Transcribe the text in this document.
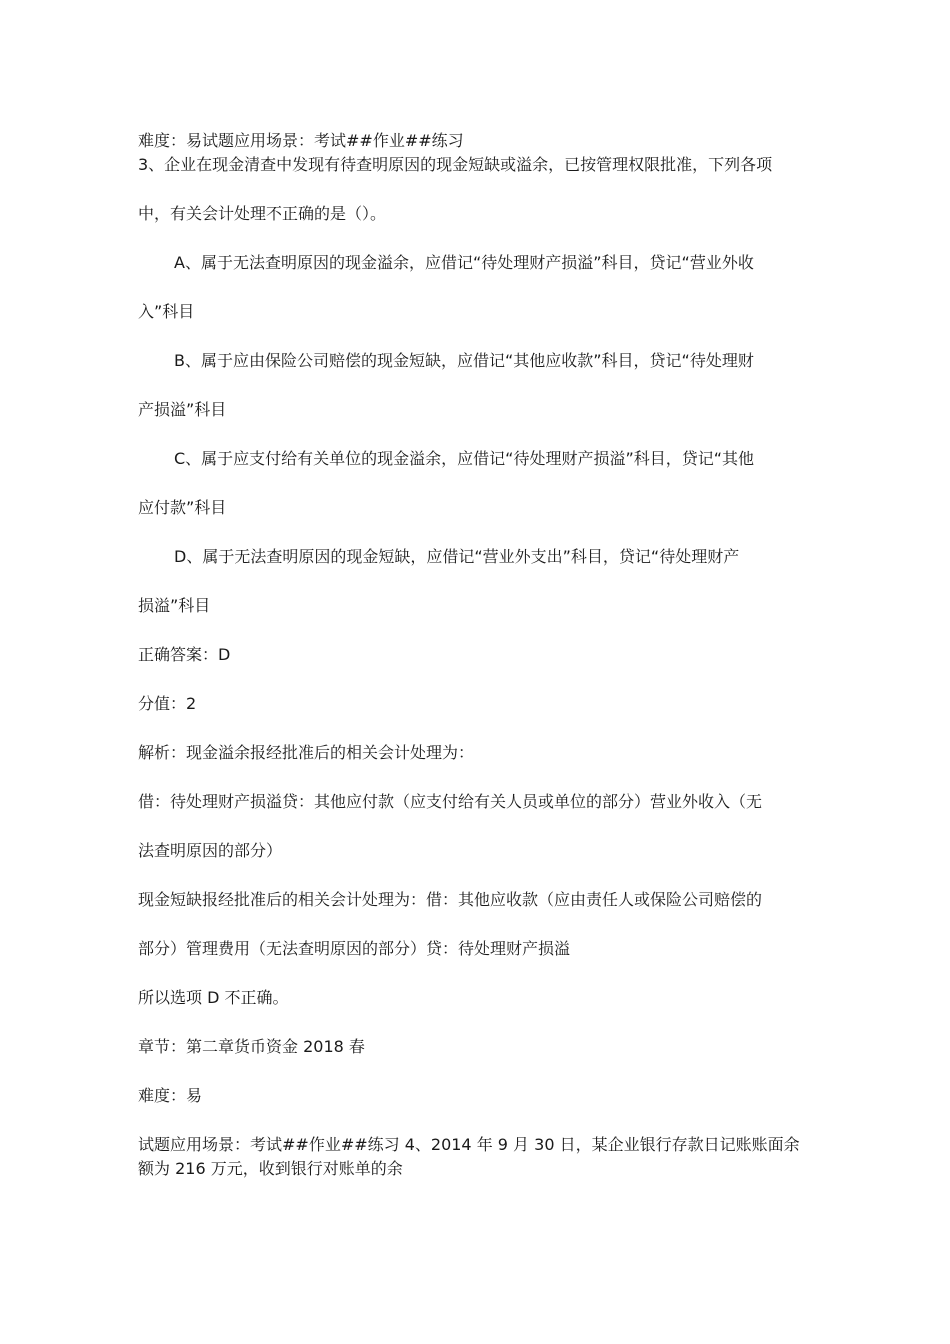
难度：易试题应用场景：考试##作业##练习
3、企业在现金清查中发现有待查明原因的现金短缺或溢余，已按管理权限批准，下列各项
中，有关会计处理不正确的是（）。
A、属于无法查明原因的现金溢余，应借记“待处理财产损溢”科目，贷记“营业外收
入”科目
B、属于应由保险公司赔偿的现金短缺，应借记“其他应收款”科目，贷记“待处理财
产损溢”科目
C、属于应支付给有关单位的现金溢余，应借记“待处理财产损溢”科目，贷记“其他
应付款”科目
D、属于无法查明原因的现金短缺，应借记“营业外支出”科目，贷记“待处理财产
损溢”科目
正确答案：D
分值：2
解析：现金溢余报经批准后的相关会计处理为：
借：待处理财产损溢贷：其他应付款（应支付给有关人员或单位的部分）营业外收入（无
法查明原因的部分）
现金短缺报经批准后的相关会计处理为：借：其他应收款（应由责任人或保险公司赔偿的
部分）管理费用（无法查明原因的部分）贷：待处理财产损溢
所以选项 D 不正确。
章节：第二章货币资金 2018 春
难度：易
试题应用场景：考试##作业##练习 4、2014 年 9 月 30 日，某企业银行存款日记账账面余
额为 216 万元，收到银行对账单的余
